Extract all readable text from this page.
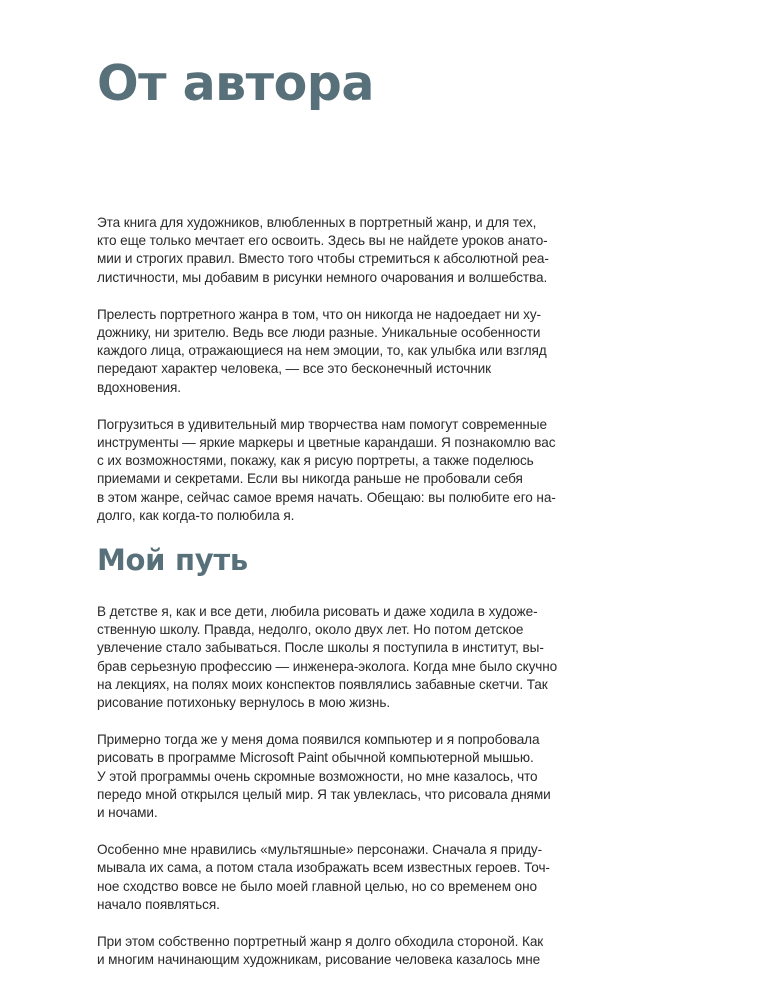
От автора

Эта книга для художников, влюбленных в портретный жанр, и для тех,
кто еще только мечтает его освоить. Здесь вы не найдете уроков анато-
мии и строгих правил. Вместо того чтобы стремиться к абсолютной реа-
листичности, мы добавим в рисунки немного очарования и волшебства.

Прелесть портретного жанра в том, что он никогда не надоедает ни ху-
дожнику, ни зрителю. Ведь все люди разные. Уникальные особенности
каждого лица, отражающиеся на нем эмоции, то, как улыбка или взгляд
передают характер человека, — все это бесконечный источник
вдохновения.

Погрузиться в удивительный мир творчества нам помогут современные
инструменты — яркие маркеры и цветные карандаши. Я познакомлю вас
с их возможностями, покажу, как я рисую портреты, а также поделюсь
приемами и секретами. Если вы никогда раньше не пробовали себя
в этом жанре, сейчас самое время начать. Обещаю: вы полюбите его на-
долго, как когда-то полюбила я.

Мой путь

В детстве я, как и все дети, любила рисовать и даже ходила в художе-
ственную школу. Правда, недолго, около двух лет. Но потом детское
увлечение стало забываться. После школы я поступила в институт, вы-
брав серьезную профессию — инженера-эколога. Когда мне было скучно
на лекциях, на полях моих конспектов появлялись забавные скетчи. Так
рисование потихоньку вернулось в мою жизнь.

Примерно тогда же у меня дома появился компьютер и я попробовала
рисовать в программе Microsoft Paint обычной компьютерной мышью.
У этой программы очень скромные возможности, но мне казалось, что
передо мной открылся целый мир. Я так увлеклась, что рисовала днями
и ночами.

Особенно мне нравились «мультяшные» персонажи. Сначала я приду-
мывала их сама, а потом стала изображать всем известных героев. Точ-
ное сходство вовсе не было моей главной целью, но со временем оно
начало появляться.

При этом собственно портретный жанр я долго обходила стороной. Как
и многим начинающим художникам, рисование человека казалось мне
